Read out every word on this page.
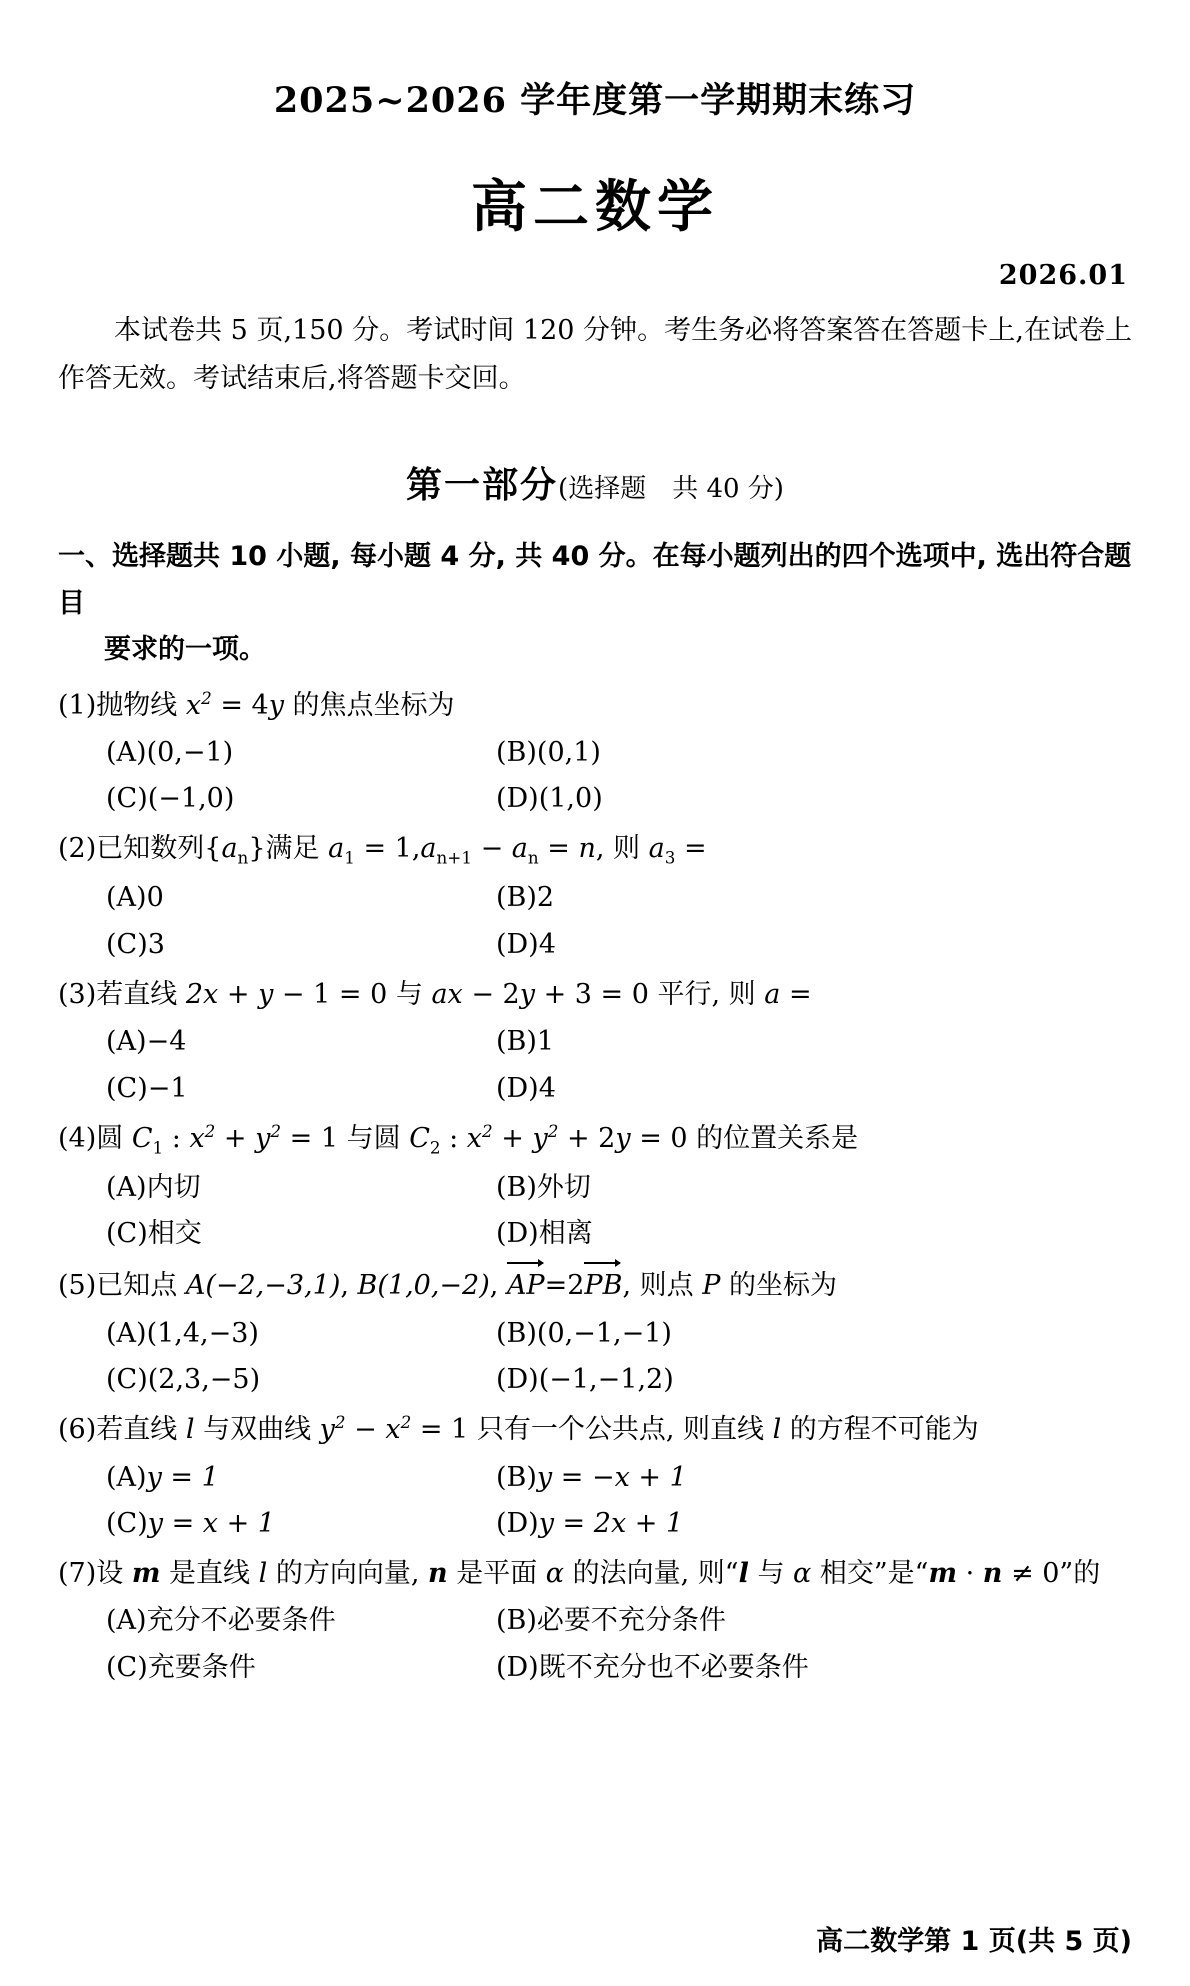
2025~2026 学年度第一学期期末练习
高二数学
2026.01
本试卷共 5 页,150 分。考试时间 120 分钟。考生务必将答案答在答题卡上,在试卷上作答无效。考试结束后,将答题卡交回。
第一部分(选择题　共 40 分)
一、选择题共 10 小题, 每小题 4 分, 共 40 分。在每小题列出的四个选项中, 选出符合题目
要求的一项。
(1)抛物线 $x^2 = 4y$ 的焦点坐标为
(A)(0,−1)	(B)(0,1)
(C)(−1,0)	(D)(1,0)
(2)已知数列$\{a_n\}$满足 $a_1 = 1,a_{n+1} - a_n = n$, 则 $a_3$ =
(A)0	(B)2
(C)3	(D)4
(3)若直线 2x + y − 1 = 0 与 ax − 2y + 3 = 0 平行, 则 a =
(A)−4	(B)1
(C)−1	(D)4
(4)圆 $C_1$ : $x^2 + y^2 = 1$ 与圆 $C_2$ : $x^2 + y^2 + 2y = 0$ 的位置关系是
(A)内切	(B)外切
(C)相交	(D)相离
(5)已知点 A(−2,−3,1), B(1,0,−2), AP=2PB, 则点 P 的坐标为
(A)(1,4,−3)	(B)(0,−1,−1)
(C)(2,3,−5)	(D)(−1,−1,2)
(6)若直线 l 与双曲线 $y^2 - x^2 = 1$ 只有一个公共点, 则直线 l 的方程不可能为
(A)y = 1	(B)y = −x + 1
(C)y = x + 1	(D)y = 2x + 1
(7)设 m 是直线 l 的方向向量, n 是平面 α 的法向量, 则“l 与 α 相交”是“m · n ≠ 0”的
(A)充分不必要条件	(B)必要不充分条件
(C)充要条件	(D)既不充分也不必要条件
高二数学第 1 页(共 5 页)
